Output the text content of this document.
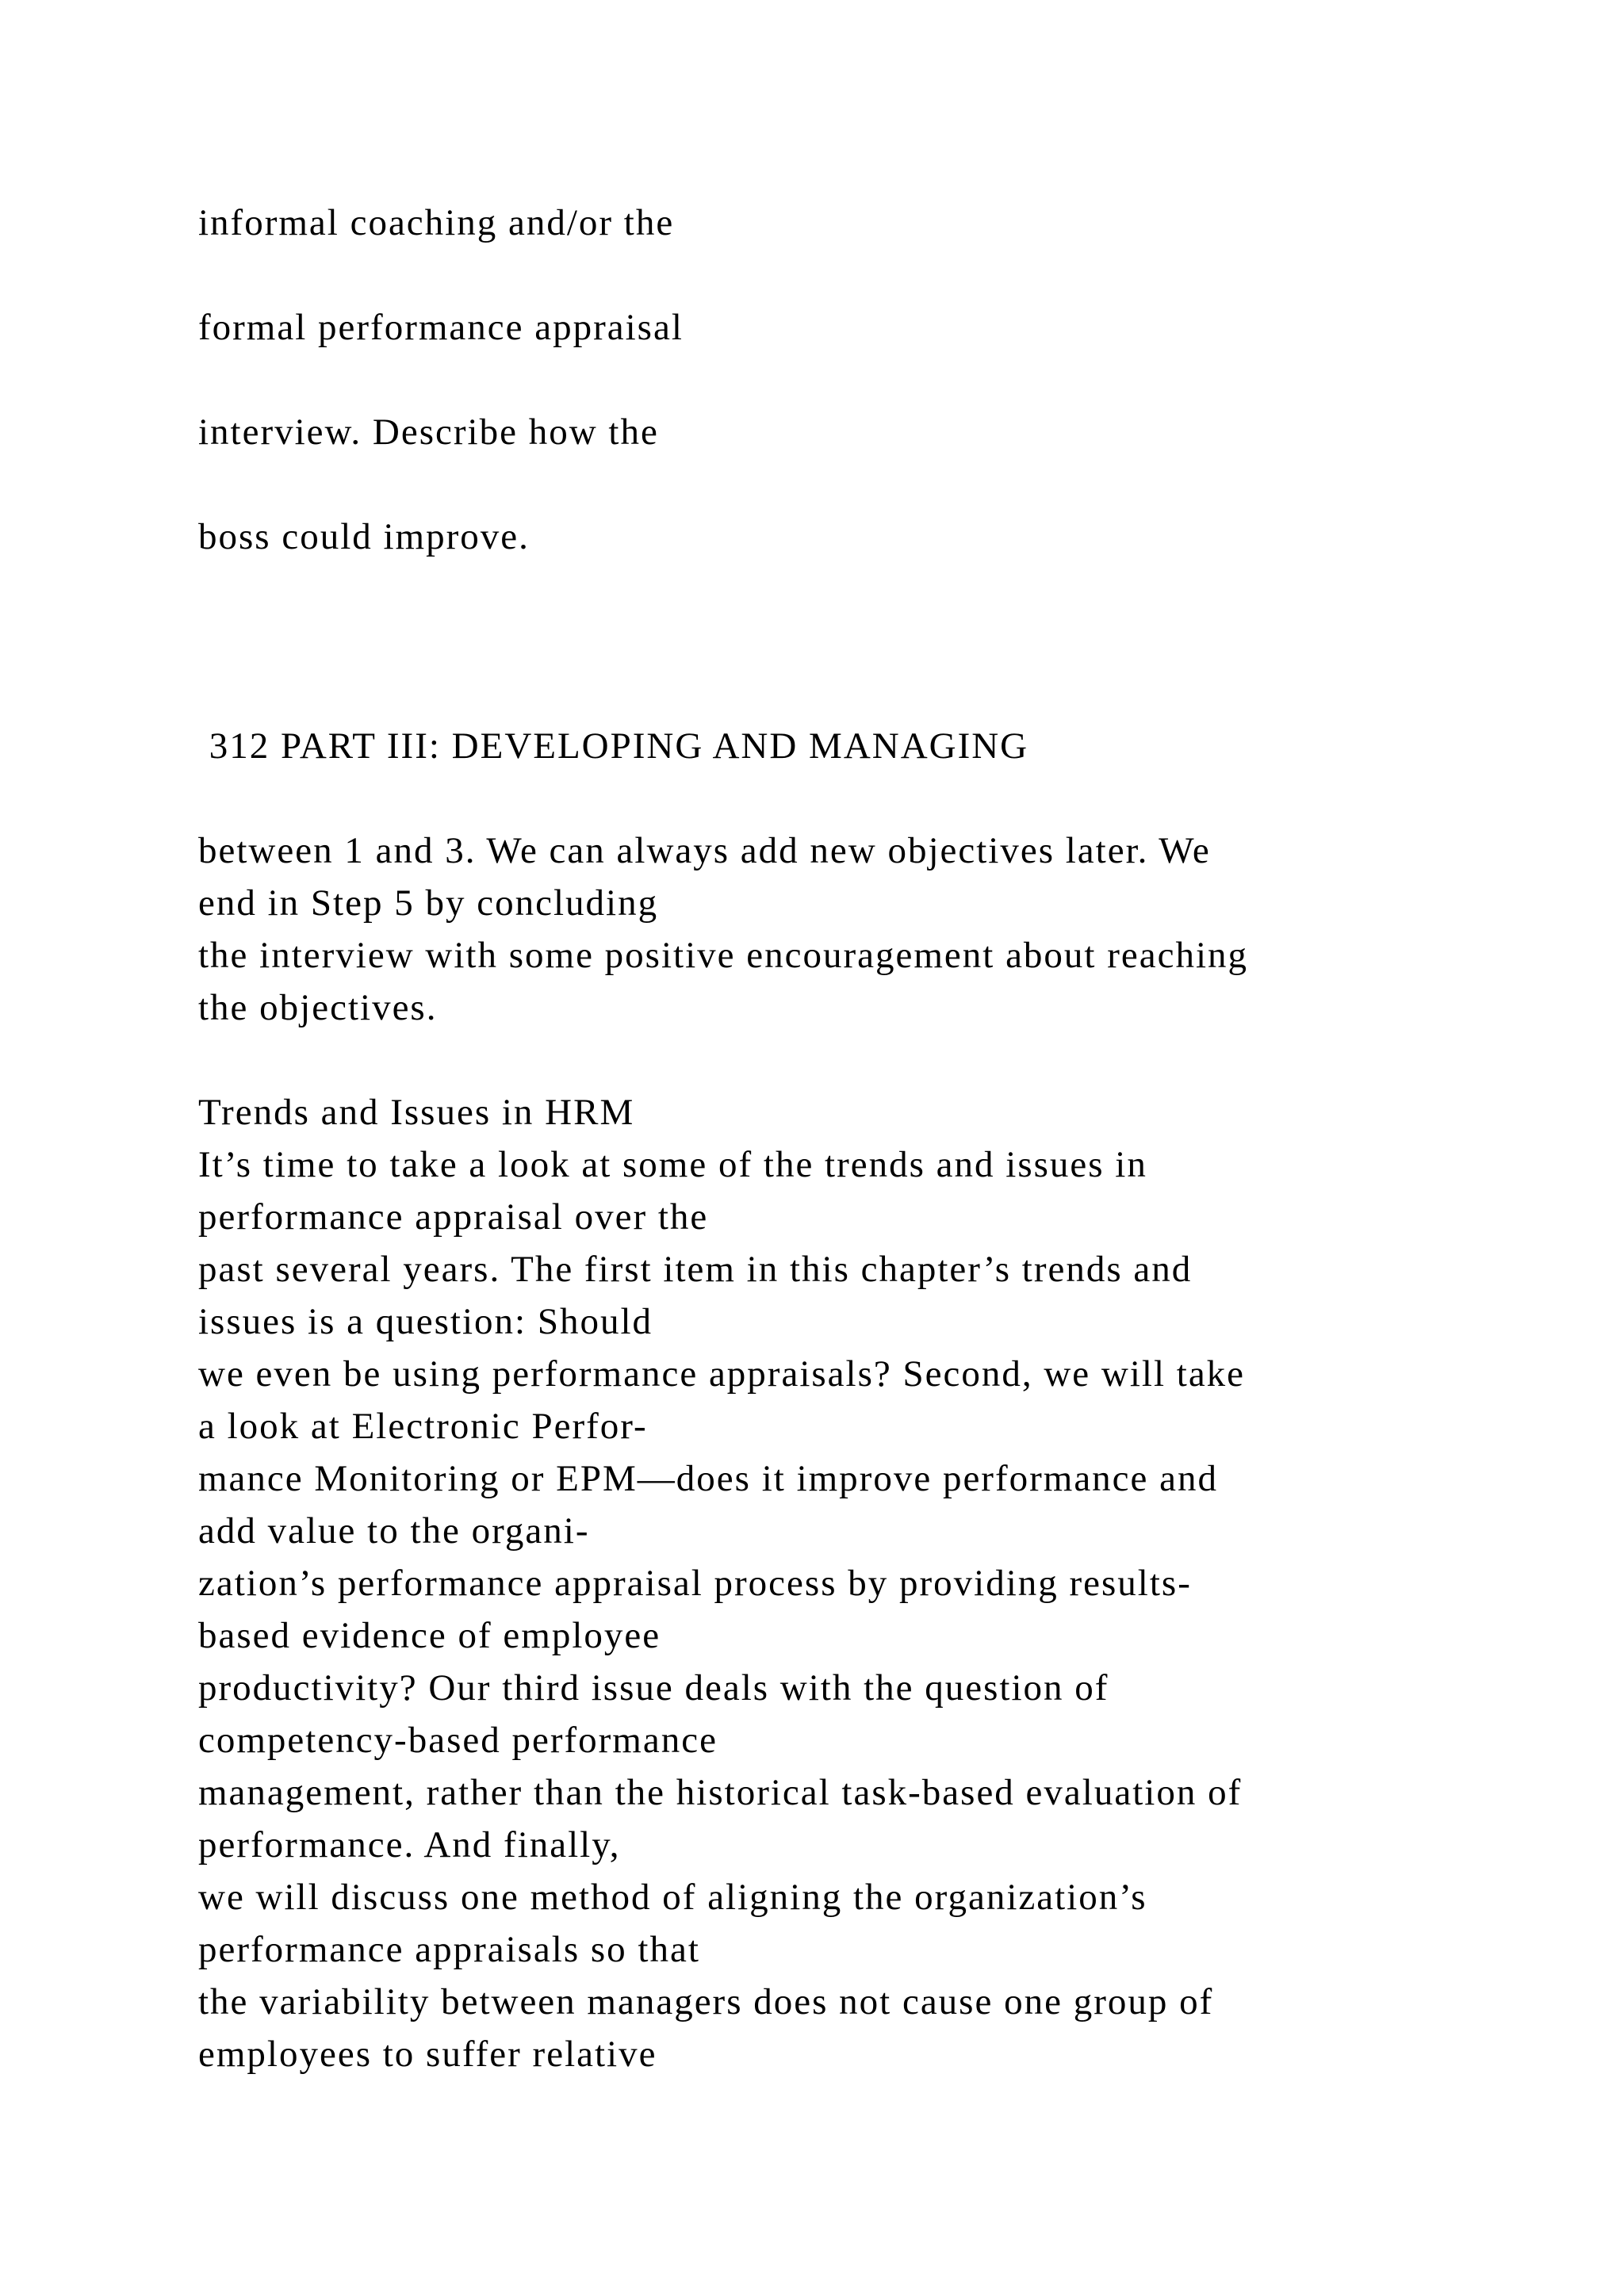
informal coaching and/or the
formal performance appraisal
interview. Describe how the
boss could improve.
312 PART III: DEVELOPING AND MANAGING
between 1 and 3. We can always add new objectives later. We
end in Step 5 by concluding
the interview with some positive encouragement about reaching
the objectives.
Trends and Issues in HRM
It’s time to take a look at some of the trends and issues in
performance appraisal over the
past several years. The first item in this chapter’s trends and
issues is a question: Should
we even be using performance appraisals? Second, we will take
a look at Electronic Perfor-
mance Monitoring or EPM—does it improve performance and
add value to the organi-
zation’s performance appraisal process by providing results-
based evidence of employee
productivity? Our third issue deals with the question of
competency-based performance
management, rather than the historical task-based evaluation of
performance. And finally,
we will discuss one method of aligning the organization’s
performance appraisals so that
the variability between managers does not cause one group of
employees to suffer relative
